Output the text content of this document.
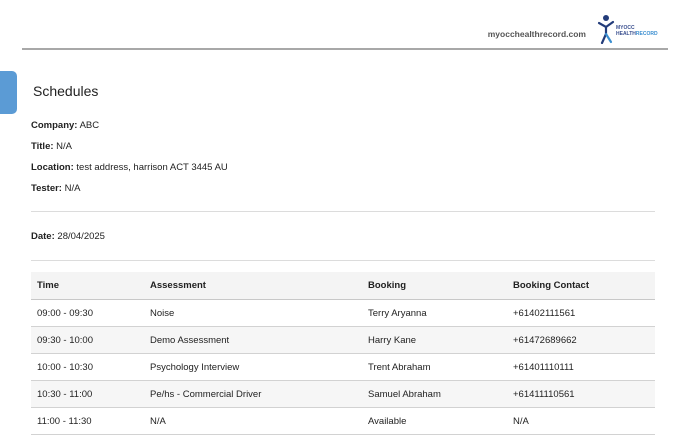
myocchealthrecord.com
MYOCC
HEALTHRECORD
Schedules
Company: ABC
Title: N/A
Location: test address, harrison ACT 3445 AU
Tester: N/A
Date: 28/04/2025
Time	Assessment	Booking	Booking Contact
09:00 - 09:30	Noise	Terry Aryanna	+61402111561
09:30 - 10:00	Demo Assessment	Harry Kane	+61472689662
10:00 - 10:30	Psychology Interview	Trent Abraham	+61401110111
10:30 - 11:00	Pe/hs - Commercial Driver	Samuel Abraham	+61411110561
11:00 - 11:30	N/A	Available	N/A
